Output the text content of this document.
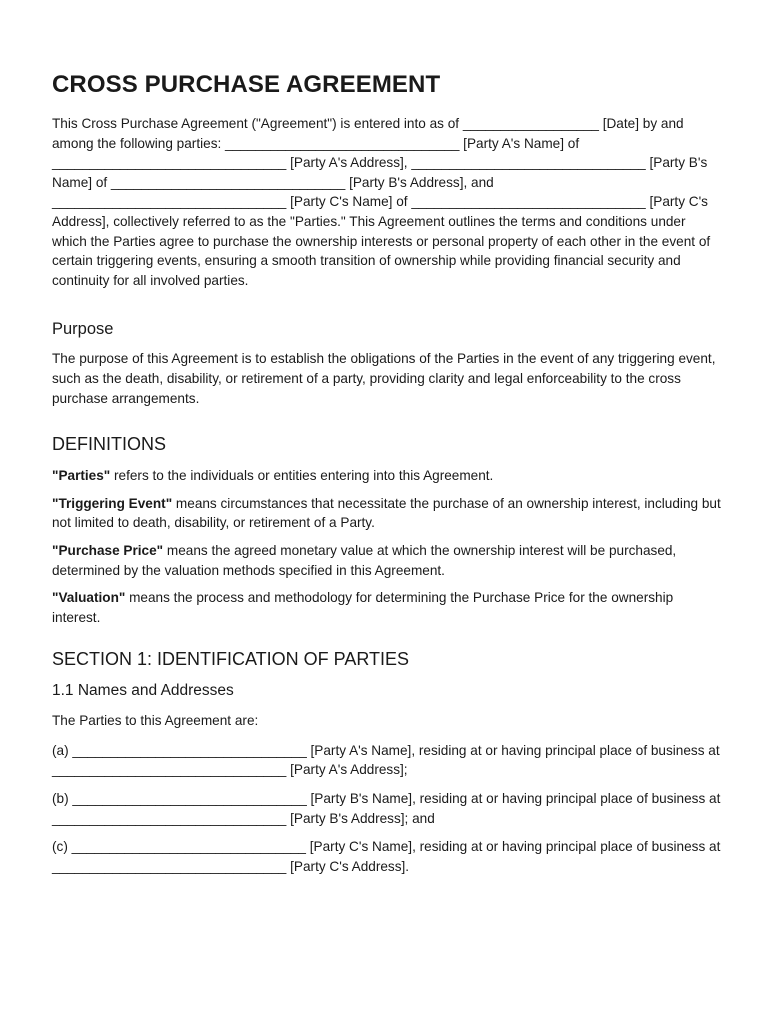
CROSS PURCHASE AGREEMENT

This Cross Purchase Agreement ("Agreement") is entered into as of __________________ [Date] by and among the following parties: _______________________________ [Party A's Name] of _______________________________ [Party A's Address], _______________________________ [Party B's Name] of _______________________________ [Party B's Address], and _______________________________ [Party C's Name] of _______________________________ [Party C's Address], collectively referred to as the "Parties." This Agreement outlines the terms and conditions under which the Parties agree to purchase the ownership interests or personal property of each other in the event of certain triggering events, ensuring a smooth transition of ownership while providing financial security and continuity for all involved parties.

Purpose

The purpose of this Agreement is to establish the obligations of the Parties in the event of any triggering event, such as the death, disability, or retirement of a party, providing clarity and legal enforceability to the cross purchase arrangements.

DEFINITIONS

"Parties" refers to the individuals or entities entering into this Agreement.

"Triggering Event" means circumstances that necessitate the purchase of an ownership interest, including but not limited to death, disability, or retirement of a Party.

"Purchase Price" means the agreed monetary value at which the ownership interest will be purchased, determined by the valuation methods specified in this Agreement.

"Valuation" means the process and methodology for determining the Purchase Price for the ownership interest.

SECTION 1: IDENTIFICATION OF PARTIES
1.1 Names and Addresses

The Parties to this Agreement are:

(a) _______________________________ [Party A's Name], residing at or having principal place of business at _______________________________ [Party A's Address];

(b) _______________________________ [Party B's Name], residing at or having principal place of business at _______________________________ [Party B's Address]; and

(c) _______________________________ [Party C's Name], residing at or having principal place of business at _______________________________ [Party C's Address].
